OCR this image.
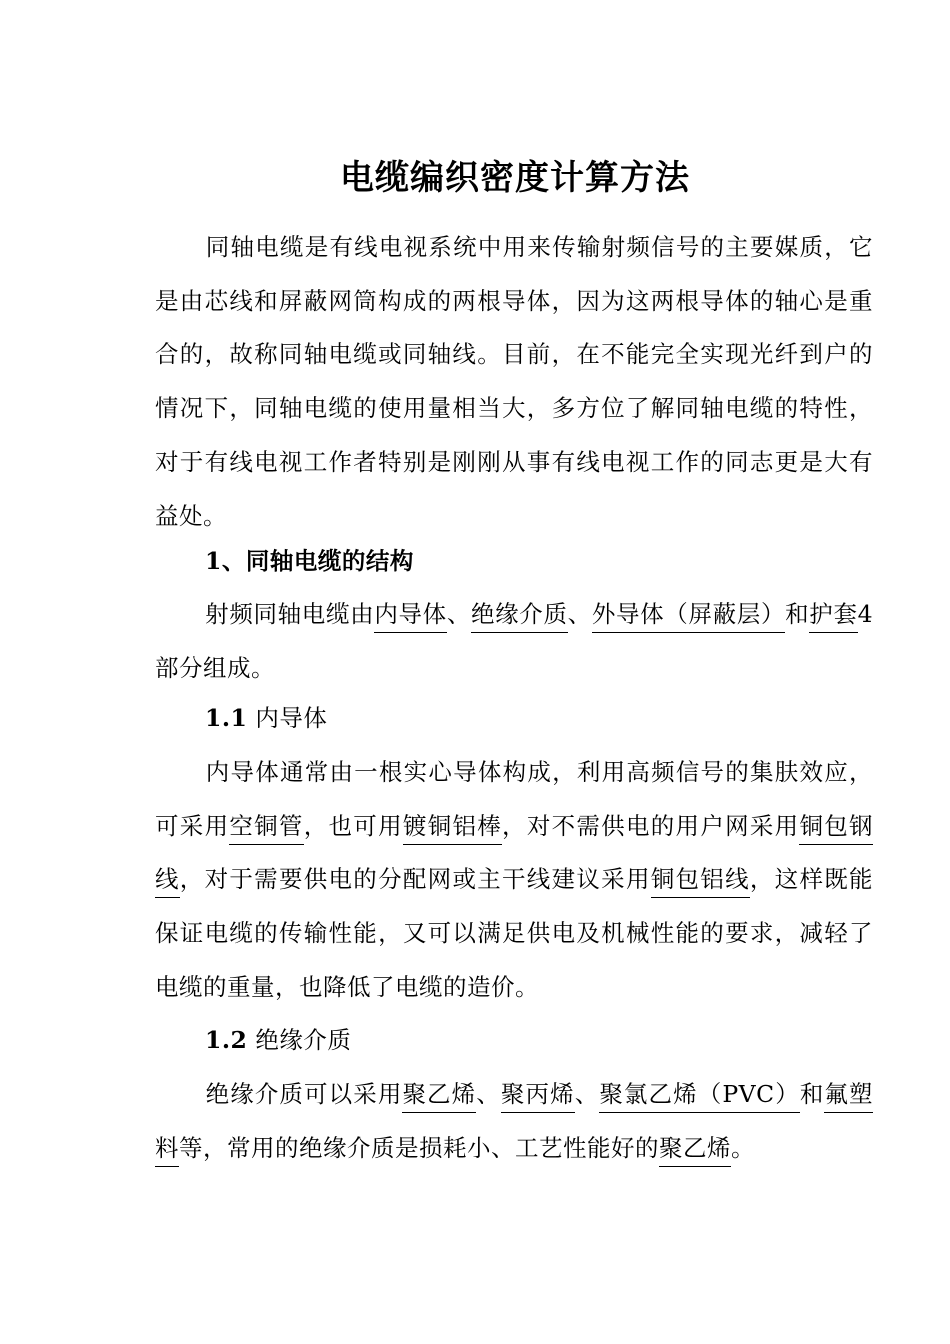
电缆编织密度计算方法
同轴电缆是有线电视系统中用来传输射频信号的主要媒质，它是由芯线和屏蔽网筒构成的两根导体，因为这两根导体的轴心是重合的，故称同轴电缆或同轴线。目前，在不能完全实现光纤到户的情况下，同轴电缆的使用量相当大，多方位了解同轴电缆的特性，对于有线电视工作者特别是刚刚从事有线电视工作的同志更是大有益处。
1、同轴电缆的结构
射频同轴电缆由内导体、绝缘介质、外导体（屏蔽层）和护套4部分组成。
1.1 内导体
内导体通常由一根实心导体构成，利用高频信号的集肤效应，可采用空铜管，也可用镀铜铝棒，对不需供电的用户网采用铜包钢线，对于需要供电的分配网或主干线建议采用铜包铝线，这样既能保证电缆的传输性能，又可以满足供电及机械性能的要求，减轻了电缆的重量，也降低了电缆的造价。
1.2 绝缘介质
绝缘介质可以采用聚乙烯、聚丙烯、聚氯乙烯（PVC）和氟塑料等，常用的绝缘介质是损耗小、工艺性能好的聚乙烯。
